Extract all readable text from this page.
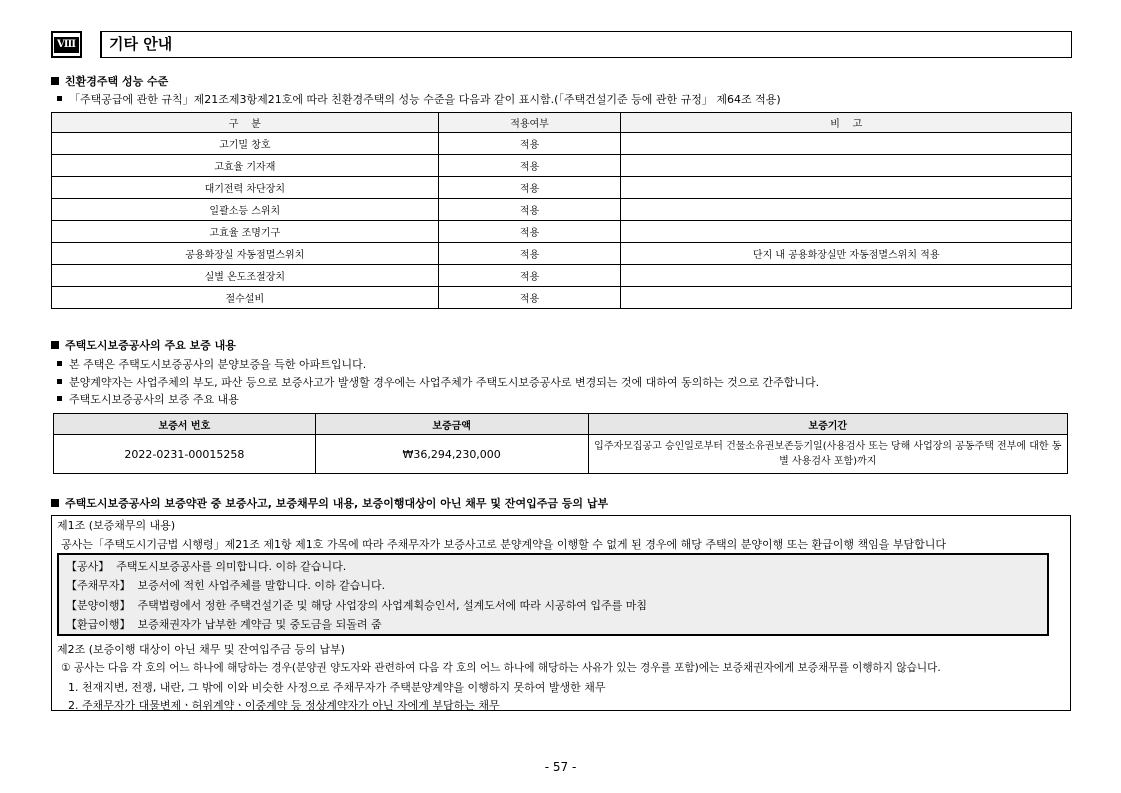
Ⅷ	기타 안내
친환경주택 성능 수준
「주택공급에 관한 규칙」제21조제3항제21호에 따라 친환경주택의 성능 수준을 다음과 같이 표시함.(「주택건설기준 등에 관한 규정」 제64조 적용)
구    분	적용여부	비    고
고기밀 창호	적용	
고효율 기자재	적용	
대기전력 차단장치	적용	
일괄소등 스위치	적용	
고효율 조명기구	적용	
공용화장실 자동점멸스위치	적용	단지 내 공용화장실만 자동점멸스위치 적용
실별 온도조절장치	적용	
절수설비	적용	
주택도시보증공사의 주요 보증 내용
본 주택은 주택도시보증공사의 분양보증을 득한 아파트입니다.
분양계약자는 사업주체의 부도, 파산 등으로 보증사고가 발생할 경우에는 사업주체가 주택도시보증공사로 변경되는 것에 대하여 동의하는 것으로 간주합니다.
주택도시보증공사의 보증 주요 내용
보증서 번호	보증금액	보증기간
2022-0231-00015258	₩36,294,230,000	입주자모집공고 승인일로부터 건물소유권보존등기일(사용검사 또는 당해 사업장의 공동주택 전부에 대한 동별 사용검사 포함)까지
주택도시보증공사의 보증약관 중 보증사고, 보증채무의 내용, 보증이행대상이 아닌 채무 및 잔여입주금 등의 납부
제1조 (보증채무의 내용)
공사는「주택도시기금법 시행령」제21조 제1항 제1호 가목에 따라 주채무자가 보증사고로 분양계약을 이행할 수 없게 된 경우에 해당 주택의 분양이행 또는 환급이행 책임을 부담합니다
【공사】 주택도시보증공사를 의미합니다. 이하 같습니다.
【주채무자】 보증서에 적힌 사업주체를 말합니다. 이하 같습니다.
【분양이행】 주택법령에서 정한 주택건설기준 및 해당 사업장의 사업계획승인서, 설계도서에 따라 시공하여 입주를 마침
【환급이행】 보증채권자가 납부한 계약금 및 중도금을 되돌려 줌
제2조 (보증이행 대상이 아닌 채무 및 잔여입주금 등의 납부)
① 공사는 다음 각 호의 어느 하나에 해당하는 경우(분양권 양도자와 관련하여 다음 각 호의 어느 하나에 해당하는 사유가 있는 경우를 포함)에는 보증채권자에게 보증채무를 이행하지 않습니다.
1. 천재지변, 전쟁, 내란, 그 밖에 이와 비슷한 사정으로 주채무자가 주택분양계약을 이행하지 못하여 발생한 채무
2. 주채무자가 대물변제ㆍ허위계약ㆍ이중계약 등 정상계약자가 아닌 자에게 부담하는 채무
- 57 -
